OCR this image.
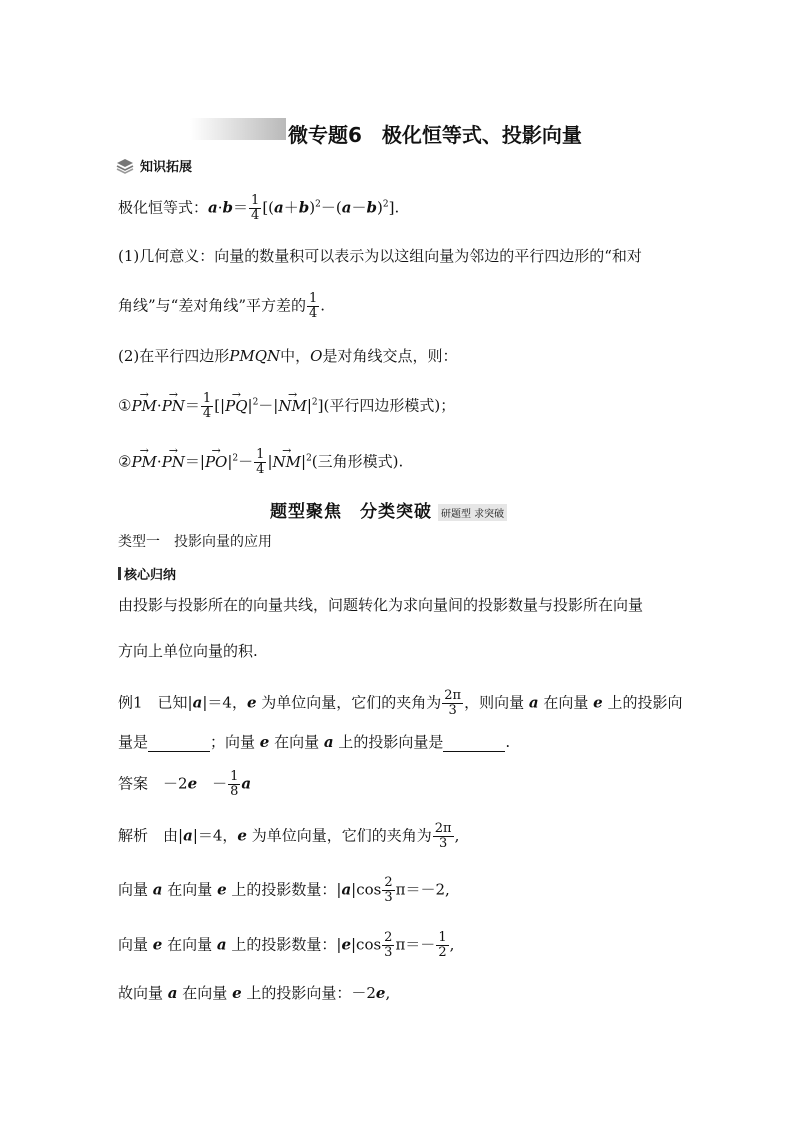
微专题6　极化恒等式、投影向量
知识拓展
极化恒等式：$a\cdot b= \frac{1}{4} [(a+b)^2-(a-b)^2]$.
(1)几何意义：向量的数量积可以表示为以这组向量为邻边的平行四边形的“和对
角线”与“差对角线”平方差的 $\frac{1}{4}$ .
(2)在平行四边形PMQN中，O是对角线交点，则：
①→ $PM\cdot\to PN= \frac{1}{4}$ [|→ $PQ|^2-|\to NM|^2$](平行四边形模式)；
②→ $PM\cdot\to PN=|\to PO|^2- \frac{1}{4}$ |→ $NM|^2$(三角形模式).
题型聚焦　分类突破 研题型 求突破
类型一　投影向量的应用
核心归纳
由投影与投影所在的向量共线，问题转化为求向量间的投影数量与投影所在向量
方向上单位向量的积.
例1　已知|a|＝4，e 为单位向量，它们的夹角为 $\frac{2\pi}{3}$ ，则向量 a 在向量 e 上的投影向
量是	；向量 e 在向量 a 上的投影向量是	.
答案　－2e　－ $\frac{1}{8}$ a
解析　由|a|＝4，e 为单位向量，它们的夹角为 $\frac{2\pi}{3}$ ,
向量 a 在向量 e 上的投影数量：$|a|\cos \frac{2}{3} \pi=-2$,
向量 e 在向量 a 上的投影数量：$|e|\cos \frac{2}{3} \pi=- \frac{1}{2}$ ,
故向量 a 在向量 e 上的投影向量：－2e,
